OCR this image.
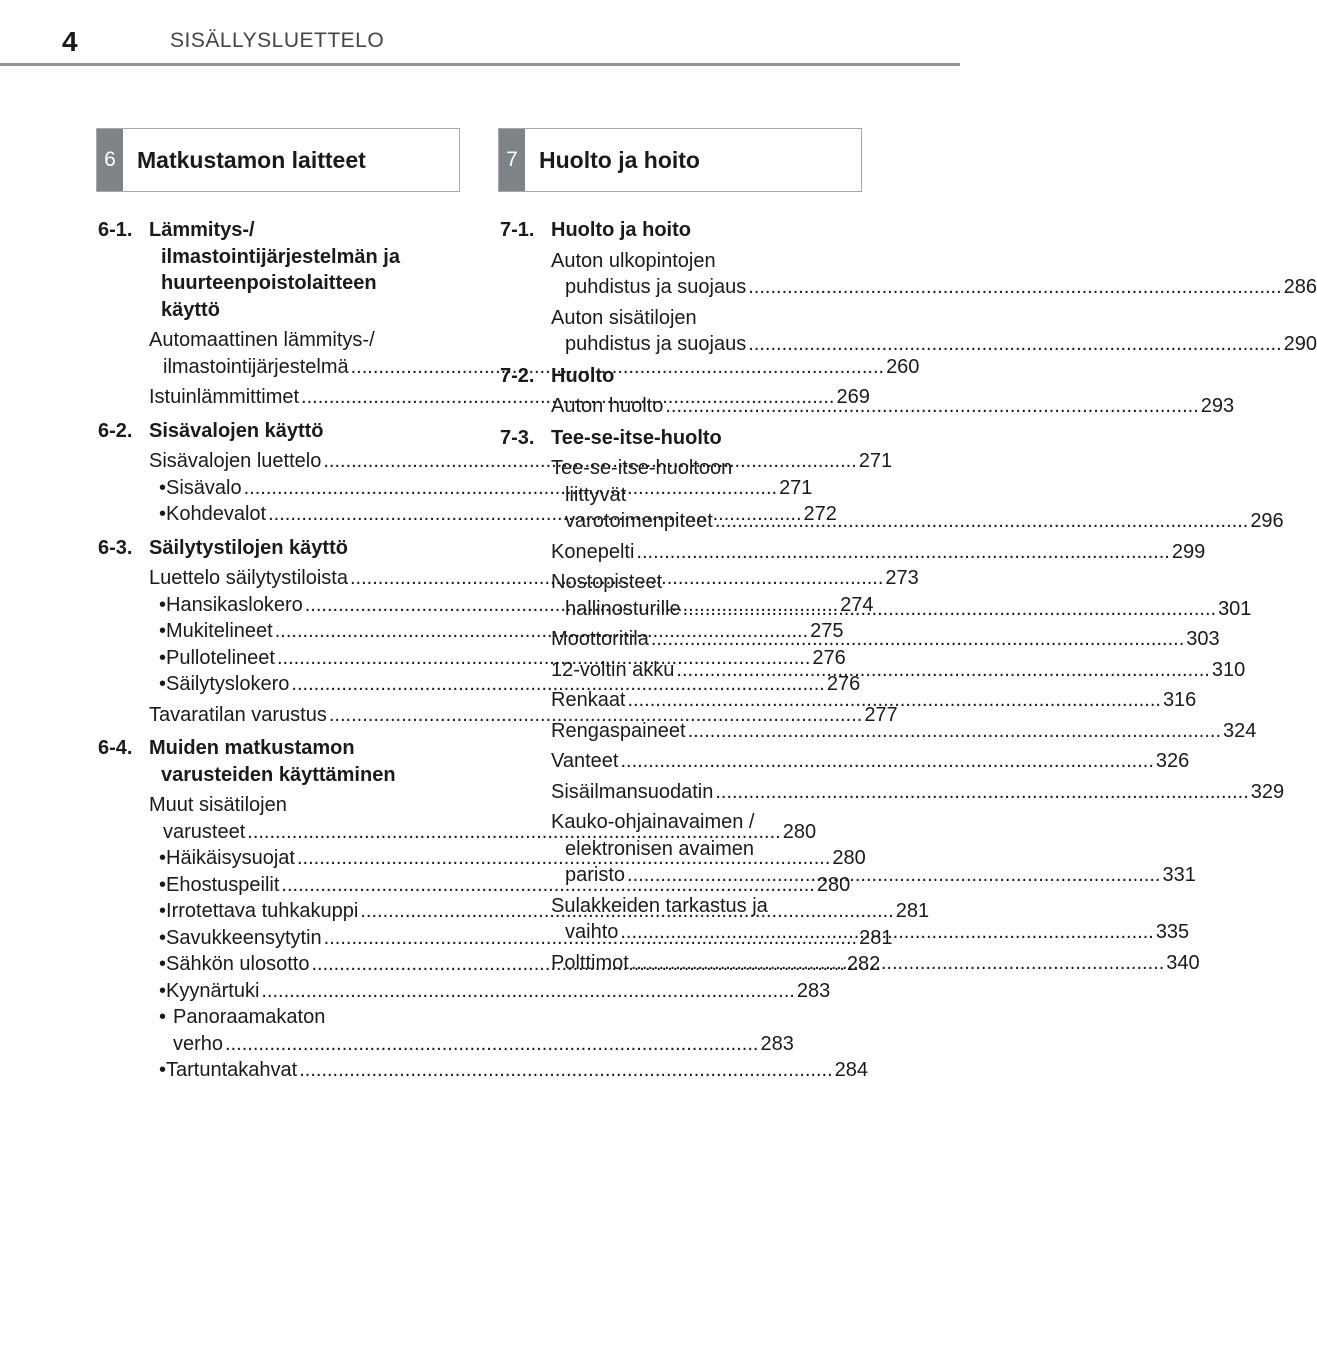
4	SISÄLLYSLUETTELO
6 Matkustamon laitteet
6-1. Lämmitys-/
ilmastointijärjestelmän ja
huurteenpoistolaitteen
käyttö
Automaattinen lämmitys-/
ilmastointijärjestelmä .....	260
Istuinlämmittimet .....	269
6-2. Sisävalojen käyttö
Sisävalojen luettelo .....	271
• Sisävalo .....	271
• Kohdevalot .....	272
6-3. Säilytystilojen käyttö
Luettelo säilytystiloista .....	273
• Hansikaslokero .....	274
• Mukitelineet .....	275
• Pullotelineet .....	276
• Säilytyslokero .....	276
Tavaratilan varustus .....	277
6-4. Muiden matkustamon
varusteiden käyttäminen
Muut sisätilojen
varusteet .....	280
• Häikäisysuojat .....	280
• Ehostuspeilit .....	280
• Irrotettava tuhkakuppi .....	281
• Savukkeensytytin .....	281
• Sähkön ulosotto .....	282
• Kyynärtuki .....	283
• Panoraamakaton
verho .....	283
• Tartuntakahvat .....	284
7 Huolto ja hoito
7-1. Huolto ja hoito
Auton ulkopintojen
puhdistus ja suojaus .....	286
Auton sisätilojen
puhdistus ja suojaus .....	290
7-2. Huolto
Auton huolto .....	293
7-3. Tee-se-itse-huolto
Tee-se-itse-huoltoon
liittyvät
varotoimenpiteet .....	296
Konepelti .....	299
Nostopisteet
hallinosturille .....	301
Moottoritila .....	303
12-voltin akku .....	310
Renkaat .....	316
Rengaspaineet .....	324
Vanteet .....	326
Sisäilmansuodatin .....	329
Kauko-ohjainavaimen /
elektronisen avaimen
paristo .....	331
Sulakkeiden tarkastus ja
vaihto .....	335
Polttimot .....	340
